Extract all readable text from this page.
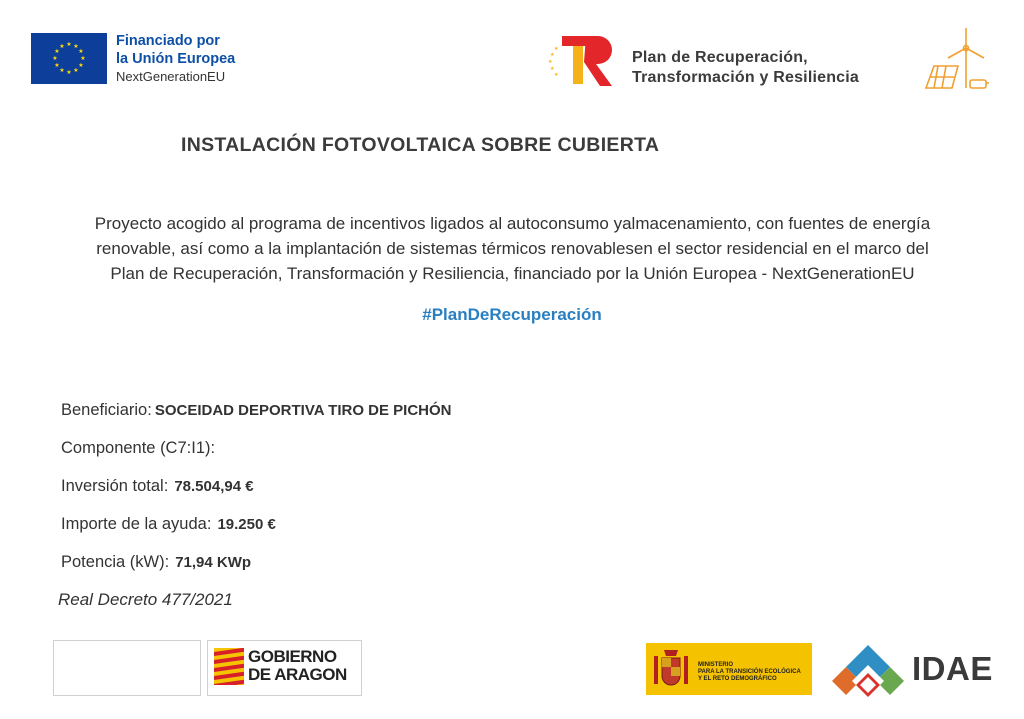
★ ★
★
★
★
★
★
★
★
★
★
★	Financiado por
la Unión Europea
NextGenerationEU
★
★
★
★
★	Plan de Recuperación,
Transformación y Resiliencia
INSTALACIÓN FOTOVOLTAICA SOBRE CUBIERTA
Proyecto acogido al programa de incentivos ligados al autoconsumo yalmacenamiento, con fuentes de energía
renovable, así como a la implantación de sistemas térmicos renovablesen el sector residencial en el marco del
Plan de Recuperación, Transformación y Resiliencia, financiado por la Unión Europea - NextGenerationEU
#PlanDeRecuperación
Beneficiario: SOCEIDAD DEPORTIVA TIRO DE PICHÓN
Componente (C7:I1):
Inversión total: 78.504,94 €
Importe de la ayuda: 19.250 €
Potencia (kW): 71,94 KWp
Real Decreto 477/2021
GOBIERNO
DE ARAGON	MINISTERIO
PARA LA TRANSICIÓN ECOLÓGICA
Y EL RETO DEMOGRÁFICO	IDAE
